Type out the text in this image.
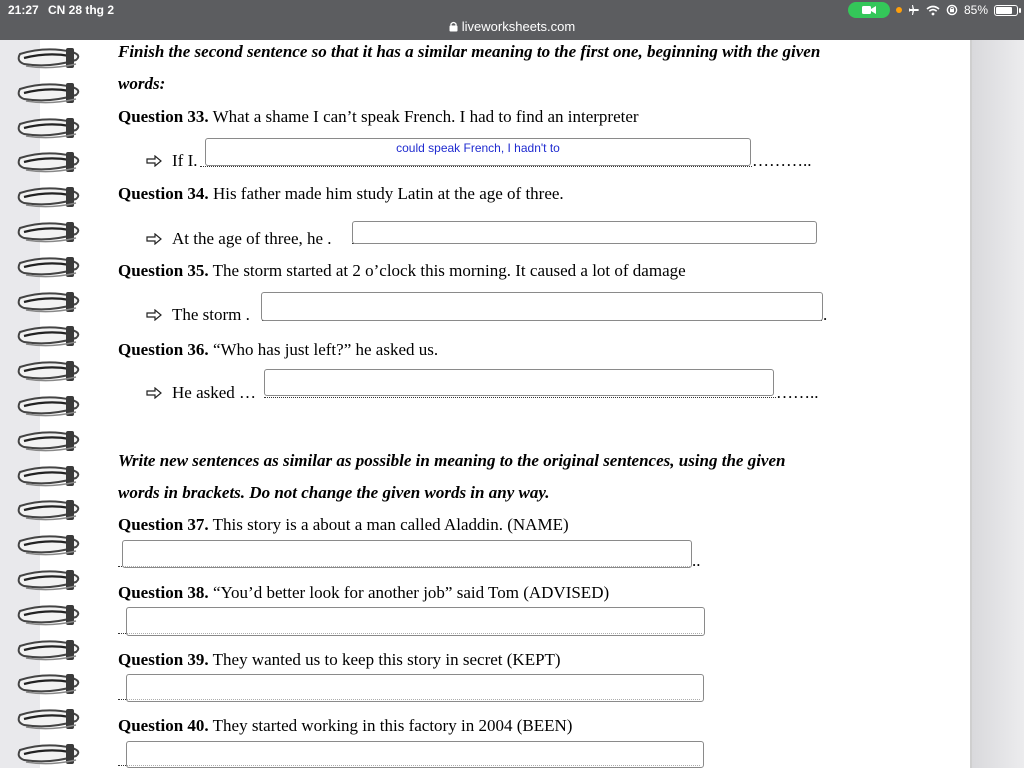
21:27 CN 28 thg 2	85%
liveworksheets.com
Finish the second sentence so that it has a similar meaning to the first one, beginning with the given
words:
Question 33. What a shame I can’t speak French. I had to find an interpreter
If I.
could speak French, I hadn't to
………..
Question 34. His father made him study Latin at the age of three.
At the age of three, he .
Question 35. The storm started at 2 o’clock this morning. It caused a lot of damage
The storm .	.
Question 36. “Who has just left?” he asked us.
He asked …	……..
Write new sentences as similar as possible in meaning to the original sentences, using the given
words in brackets. Do not change the given words in any way.
Question 37. This story is a about a man called Aladdin. (NAME)
..
Question 38. “You’d better look for another job” said Tom (ADVISED)
Question 39. They wanted us to keep this story in secret (KEPT)
Question 40. They started working in this factory in 2004 (BEEN)
